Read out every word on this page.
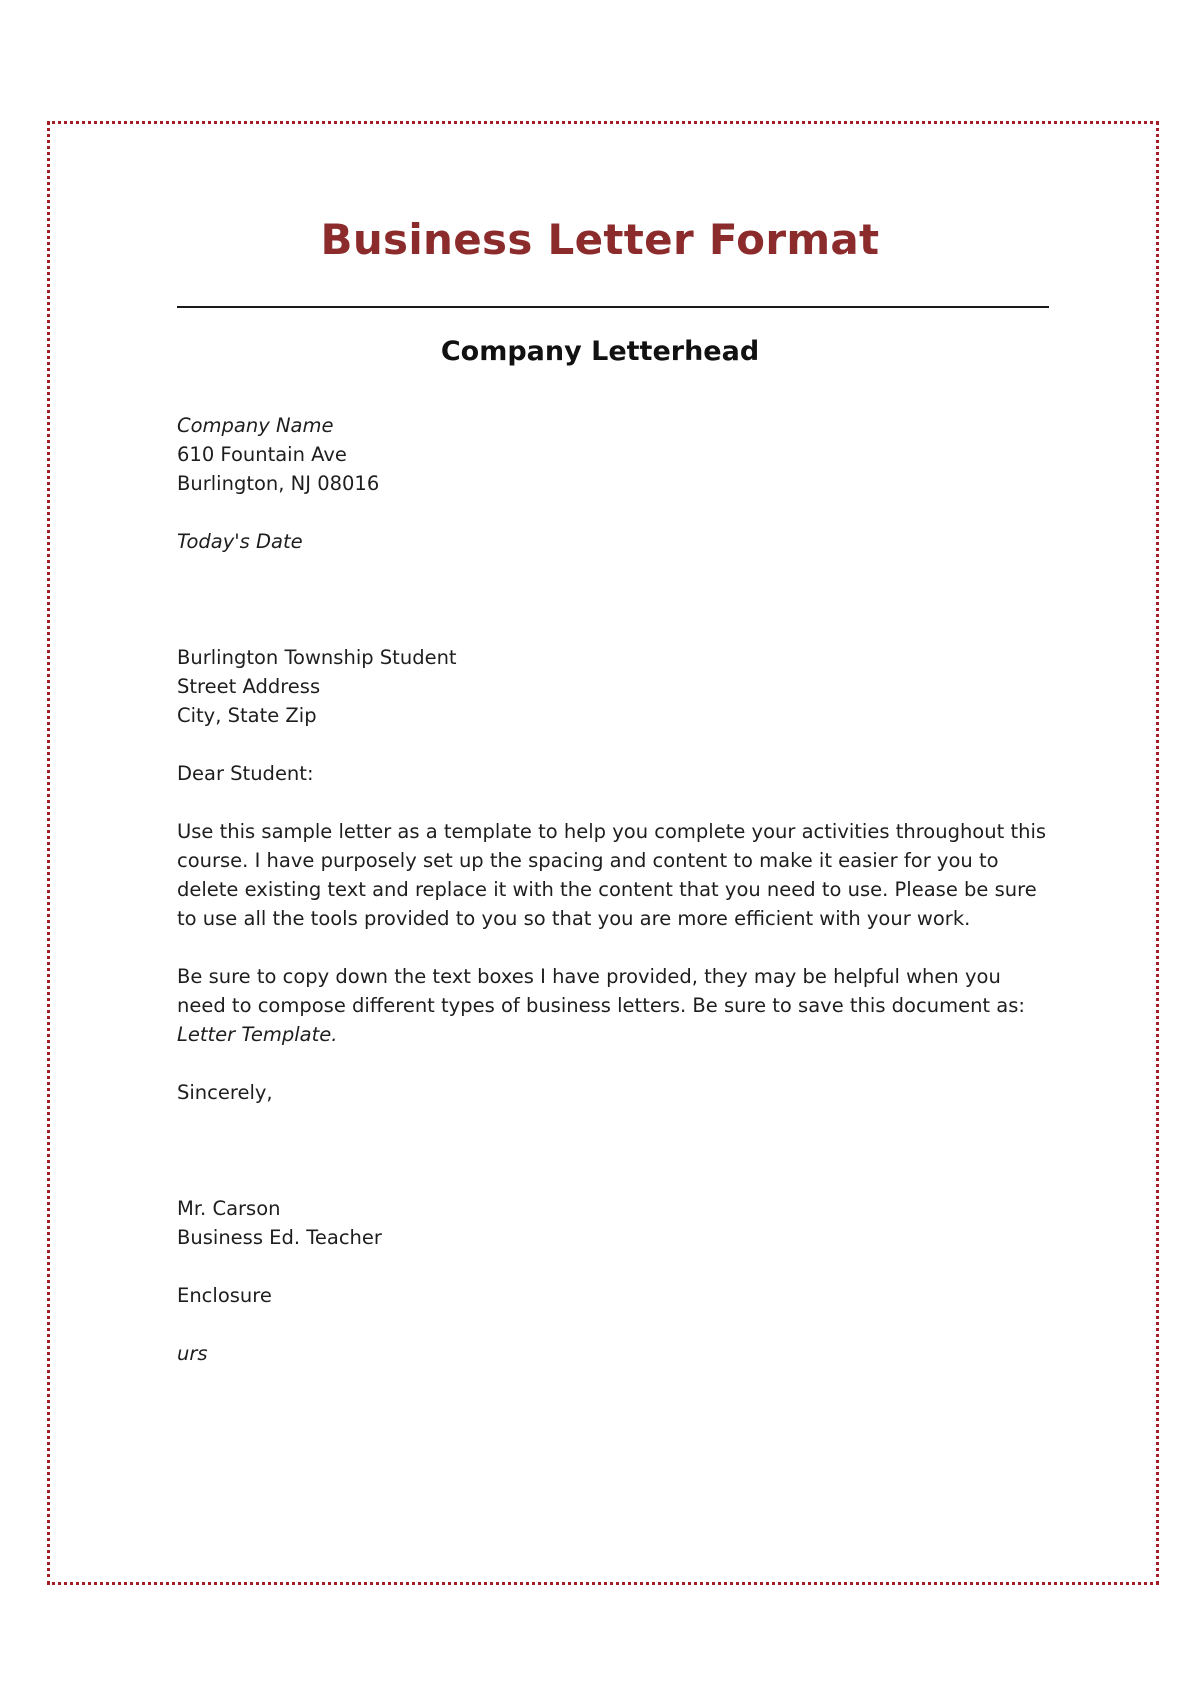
Business Letter Format
Company Letterhead
Company Name
610 Fountain Ave
Burlington, NJ 08016
Today's Date
Burlington Township Student
Street Address
City, State Zip
Dear Student:
Use this sample letter as a template to help you complete your activities throughout this
course. I have purposely set up the spacing and content to make it easier for you to
delete existing text and replace it with the content that you need to use. Please be sure
to use all the tools provided to you so that you are more efficient with your work.
Be sure to copy down the text boxes I have provided, they may be helpful when you
need to compose different types of business letters. Be sure to save this document as:
Letter Template.
Sincerely,
Mr. Carson
Business Ed. Teacher
Enclosure
urs
